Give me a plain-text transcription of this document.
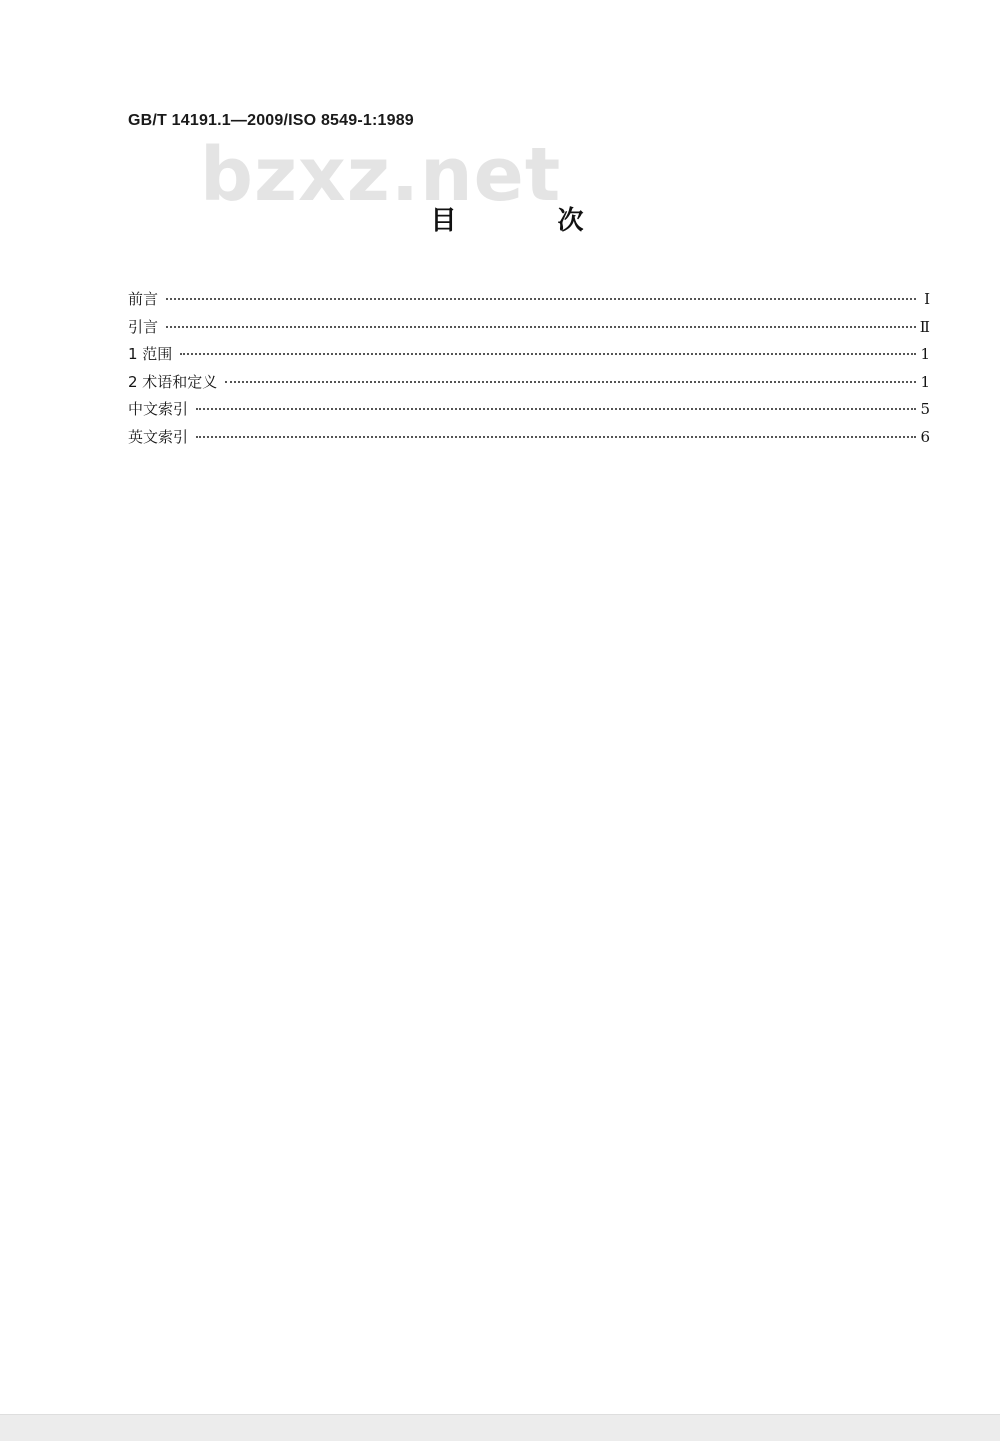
GB/T 14191.1—2009/ISO 8549-1:1989
bzxz.net
目 次
前言	Ⅰ
引言	Ⅱ
1 范围	1
2 术语和定义	1
中文索引	5
英文索引	6
